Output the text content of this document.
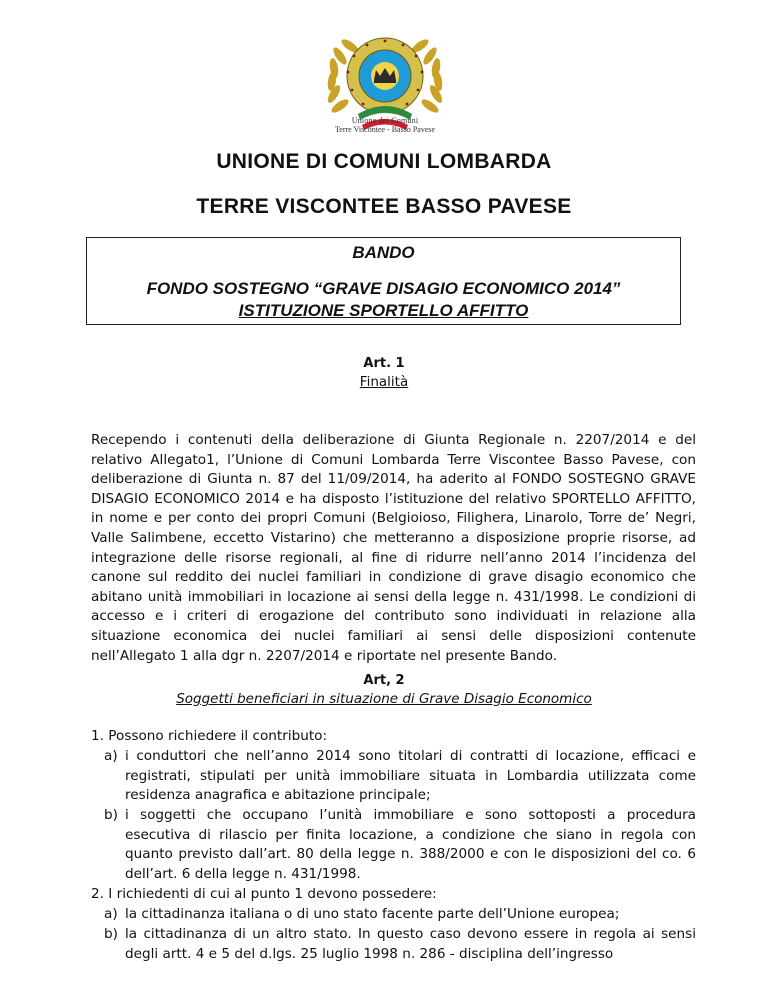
Unione dei Comuni
Terre Viscontee - Basso Pavese
UNIONE DI COMUNI LOMBARDA
TERRE VISCONTEE BASSO PAVESE
BANDO
FONDO SOSTEGNO “GRAVE DISAGIO ECONOMICO 2014”
ISTITUZIONE SPORTELLO AFFITTO
Art. 1
Finalità
Recependo i contenuti della deliberazione di Giunta Regionale n. 2207/2014 e del relativo Allegato1, l’Unione di Comuni Lombarda Terre Viscontee Basso Pavese, con deliberazione di Giunta n. 87 del 11/09/2014, ha aderito al FONDO SOSTEGNO GRAVE DISAGIO ECONOMICO 2014 e ha disposto l’istituzione del relativo SPORTELLO AFFITTO, in nome e per conto dei propri Comuni (Belgioioso, Filighera, Linarolo, Torre de’ Negri, Valle Salimbene, eccetto Vistarino) che metteranno a disposizione proprie risorse, ad integrazione delle risorse regionali, al fine di ridurre nell’anno 2014 l’incidenza del canone sul reddito dei nuclei familiari in condizione di grave disagio economico che abitano unità immobiliari in locazione ai sensi della legge n. 431/1998. Le condizioni di accesso e i criteri di erogazione del contributo sono individuati in relazione alla situazione economica dei nuclei familiari ai sensi delle disposizioni contenute nell’Allegato 1 alla dgr n. 2207/2014 e riportate nel presente Bando.
Art, 2
Soggetti beneficiari in situazione di Grave Disagio Economico
1. Possono richiedere il contributo:
a) i conduttori che nell’anno 2014 sono titolari di contratti di locazione, efficaci e registrati, stipulati per unità immobiliare situata in Lombardia utilizzata come residenza anagrafica e abitazione principale;
b) i soggetti che occupano l’unità immobiliare e sono sottoposti a procedura esecutiva di rilascio per finita locazione, a condizione che siano in regola con quanto previsto dall’art. 80 della legge n. 388/2000 e con le disposizioni del co. 6 dell’art. 6 della legge n. 431/1998.
2. I richiedenti di cui al punto 1 devono possedere:
a) la cittadinanza italiana o di uno stato facente parte dell’Unione europea;
b) la cittadinanza di un altro stato. In questo caso devono essere in regola ai sensi degli artt. 4 e 5 del d.lgs. 25 luglio 1998 n. 286 - disciplina dell’ingresso
